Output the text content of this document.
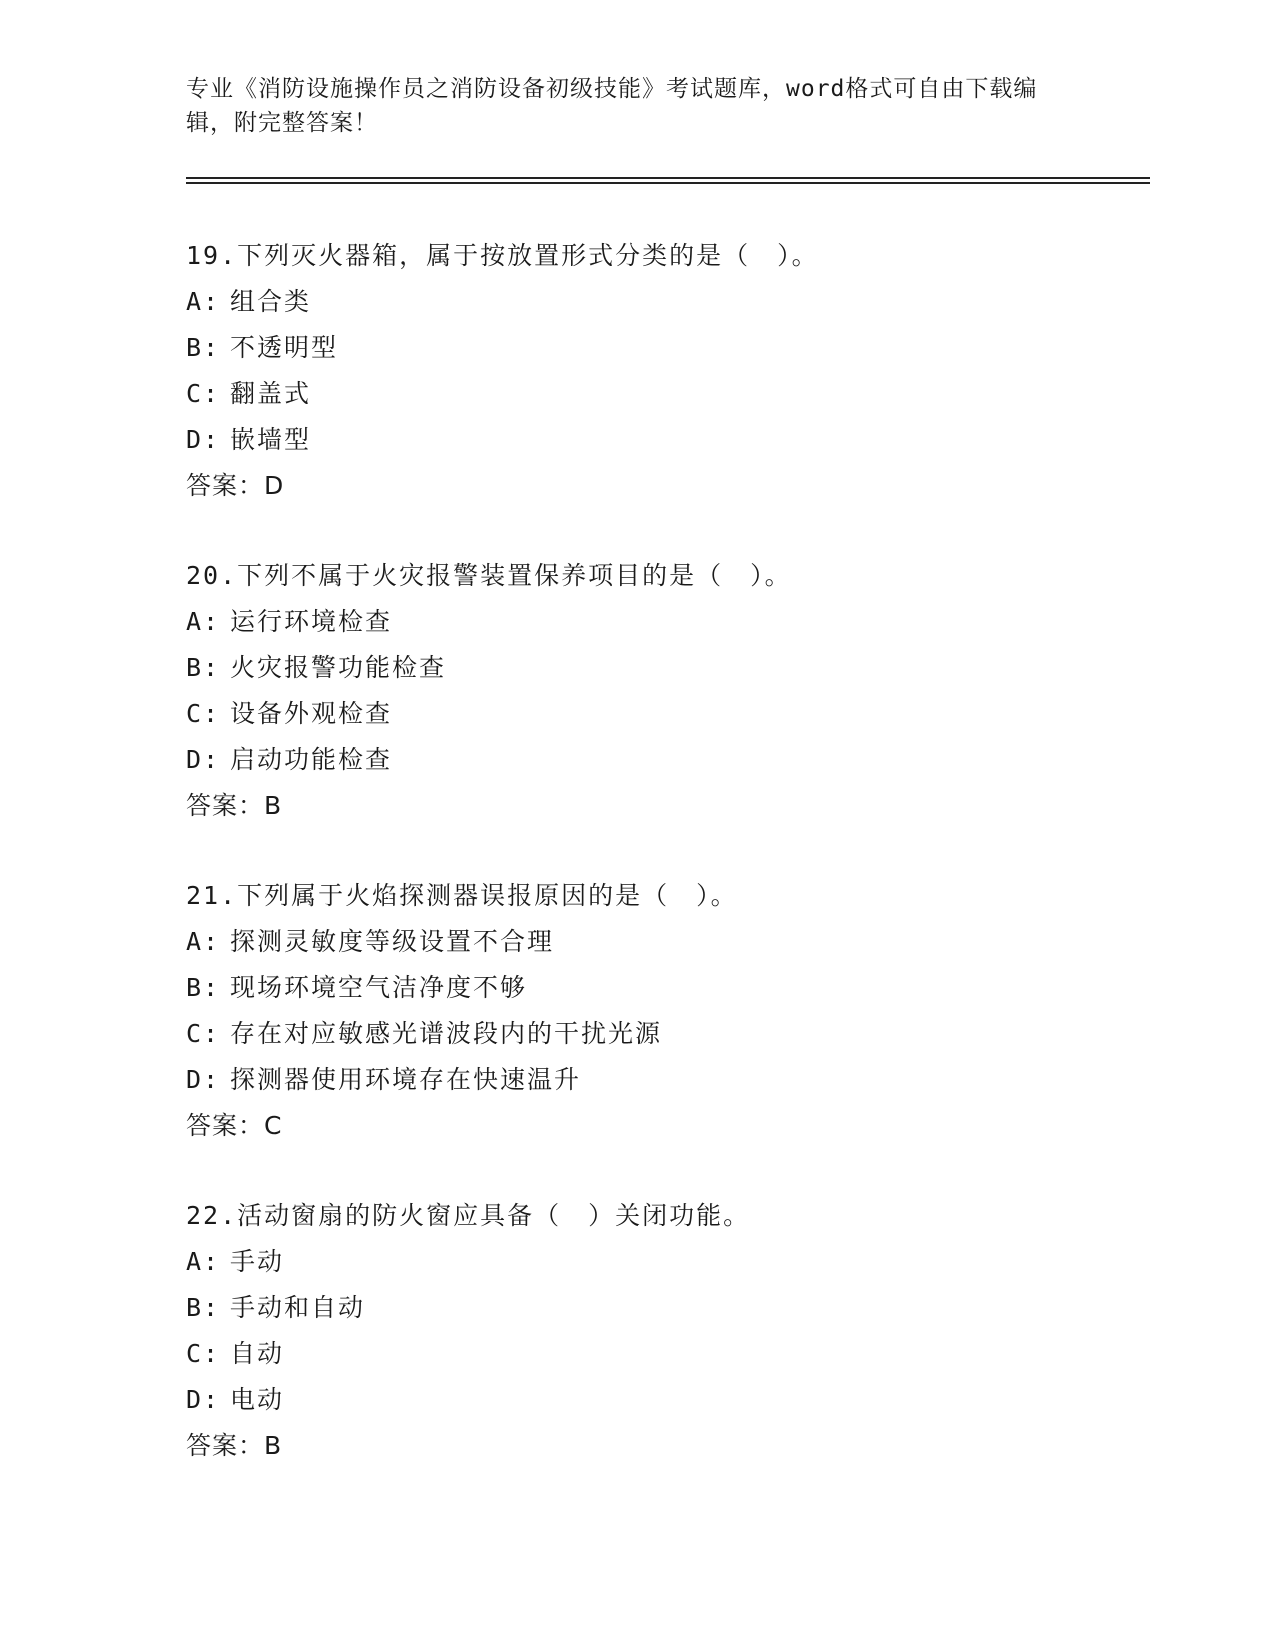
专业《消防设施操作员之消防设备初级技能》考试题库，word格式可自由下载编
辑，附完整答案！
19.下列灭火器箱，属于按放置形式分类的是（　）。
A: 组合类
B: 不透明型
C: 翻盖式
D: 嵌墙型
答案：D
20.下列不属于火灾报警装置保养项目的是（　）。
A: 运行环境检查
B: 火灾报警功能检查
C: 设备外观检查
D: 启动功能检查
答案：B
21.下列属于火焰探测器误报原因的是（　）。
A: 探测灵敏度等级设置不合理
B: 现场环境空气洁净度不够
C: 存在对应敏感光谱波段内的干扰光源
D: 探测器使用环境存在快速温升
答案：C
22.活动窗扇的防火窗应具备（　）关闭功能。
A: 手动
B: 手动和自动
C: 自动
D: 电动
答案：B
